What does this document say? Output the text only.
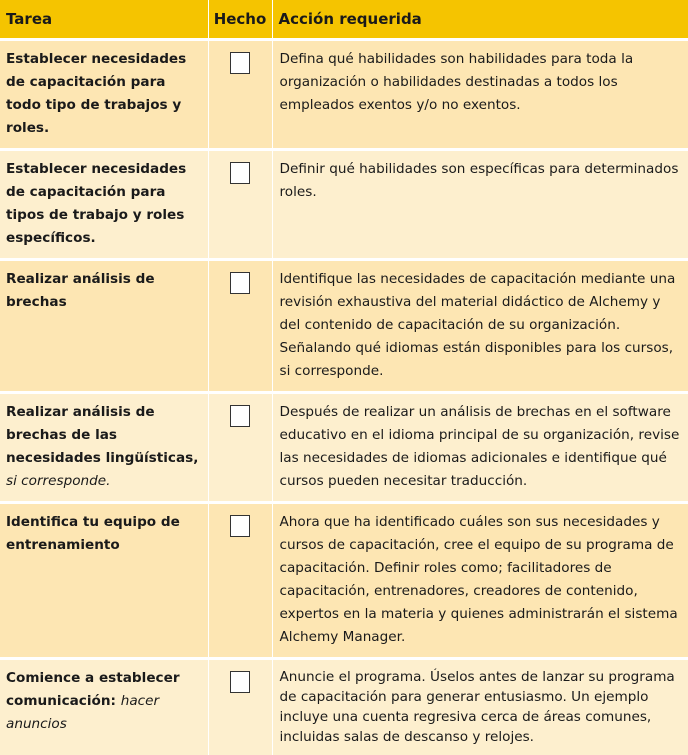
Tarea	Hecho	Acción requerida
Establecer necesidades de capacitación para todo tipo de trabajos y roles.		Defina qué habilidades son habilidades para toda la organización o habilidades destinadas a todos los empleados exentos y/o no exentos.
Establecer necesidades de capacitación para tipos de trabajo y roles específicos.		Definir qué habilidades son específicas para determinados roles.
Realizar análisis de brechas		Identifique las necesidades de capacitación mediante una revisión exhaustiva del material didáctico de Alchemy y del contenido de capacitación de su organización. Señalando qué idiomas están disponibles para los cursos, si corresponde.
Realizar análisis de brechas de las necesidades lingüísticas, si corresponde.		Después de realizar un análisis de brechas en el software educativo en el idioma principal de su organización, revise las necesidades de idiomas adicionales e identifique qué cursos pueden necesitar traducción.
Identifica tu equipo de entrenamiento		Ahora que ha identificado cuáles son sus necesidades y cursos de capacitación, cree el equipo de su programa de capacitación. Definir roles como; facilitadores de capacitación, entrenadores, creadores de contenido, expertos en la materia y quienes administrarán el sistema Alchemy Manager.
Comience a establecer comunicación: hacer anuncios		Anuncie el programa. Úselos antes de lanzar su programa de capacitación para generar entusiasmo. Un ejemplo incluye una cuenta regresiva cerca de áreas comunes, incluidas salas de descanso y relojes.
